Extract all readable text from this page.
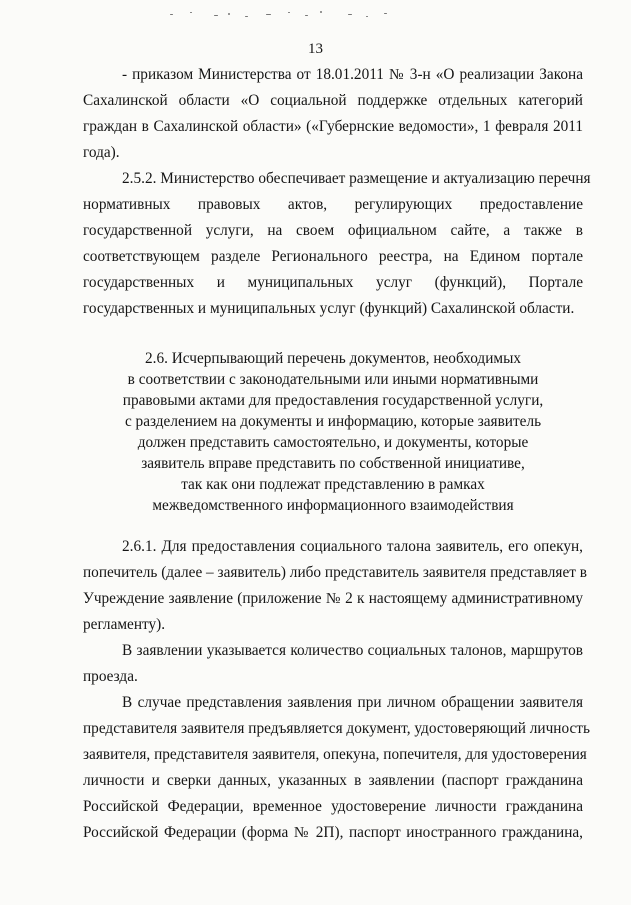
13
- приказом Министерства от 18.01.2011 № 3-н «О реализации Закона
Сахалинской области «О социальной поддержке отдельных категорий
граждан в Сахалинской области» («Губернские ведомости», 1 февраля 2011
года).
2.5.2. Министерство обеспечивает размещение и актуализацию перечня
нормативных правовых актов, регулирующих предоставление
государственной услуги, на своем официальном сайте, а также в
соответствующем разделе Регионального реестра, на Едином портале
государственных и муниципальных услуг (функций), Портале
государственных и муниципальных услуг (функций) Сахалинской области.
2.6. Исчерпывающий перечень документов, необходимых
в соответствии с законодательными или иными нормативными
правовыми актами для предоставления государственной услуги,
с разделением на документы и информацию, которые заявитель
должен представить самостоятельно, и документы, которые
заявитель вправе представить по собственной инициативе,
так как они подлежат представлению в рамках
межведомственного информационного взаимодействия
2.6.1. Для предоставления социального талона заявитель, его опекун,
попечитель (далее – заявитель) либо представитель заявителя представляет в
Учреждение заявление (приложение № 2 к настоящему административному
регламенту).
В заявлении указывается количество социальных талонов, маршрутов
проезда.
В случае представления заявления при личном обращении заявителя
представителя заявителя предъявляется документ, удостоверяющий личность
заявителя, представителя заявителя, опекуна, попечителя, для удостоверения
личности и сверки данных, указанных в заявлении (паспорт гражданина
Российской Федерации, временное удостоверение личности гражданина
Российской Федерации (форма № 2П), паспорт иностранного гражданина,
